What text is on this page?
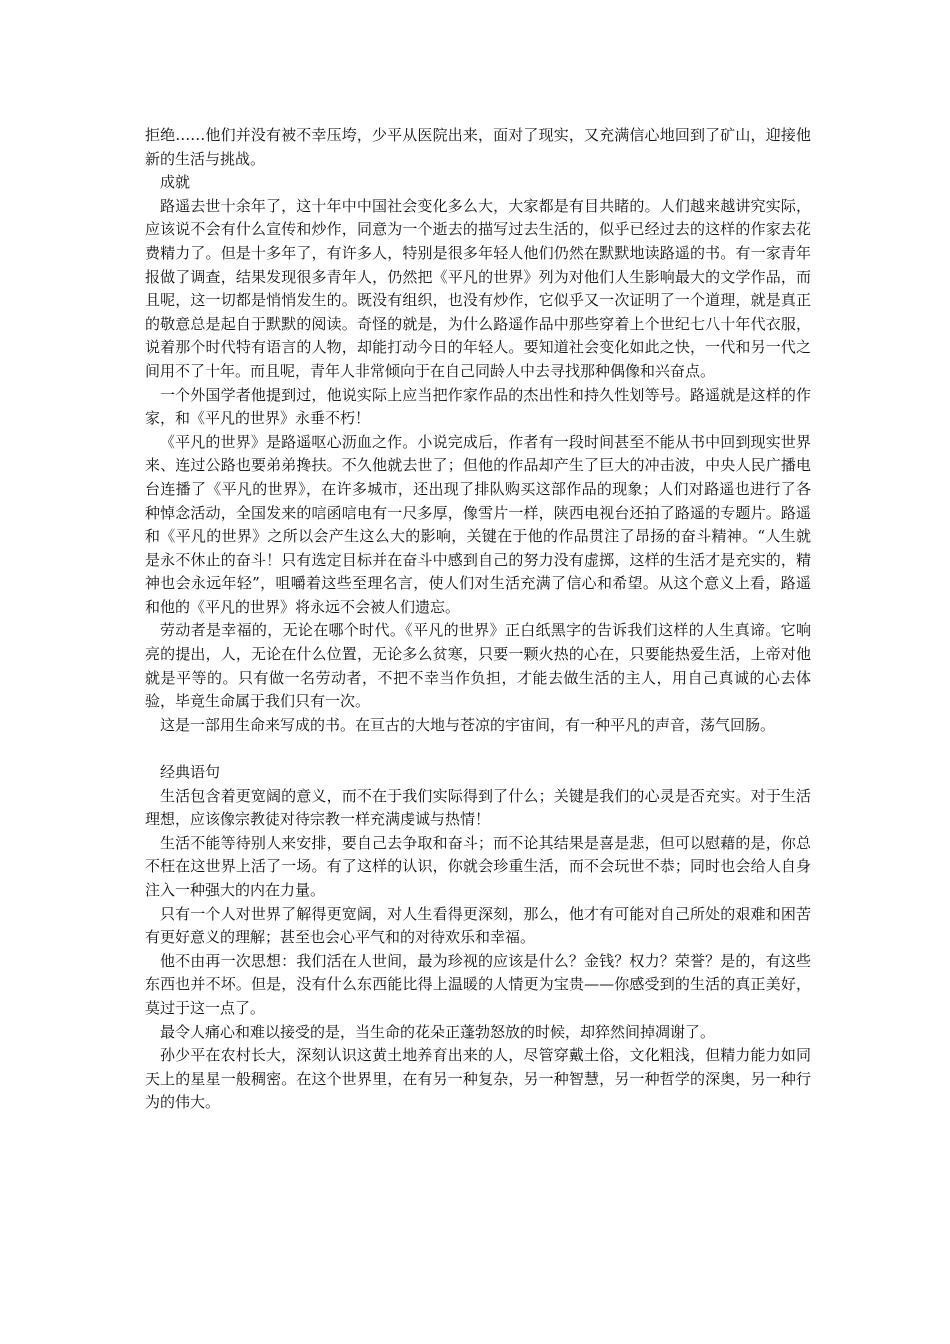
拒绝……他们并没有被不幸压垮，少平从医院出来，面对了现实，又充满信心地回到了矿山，迎接他新的生活与挑战。

成就

路遥去世十余年了，这十年中中国社会变化多么大，大家都是有目共睹的。人们越来越讲究实际，应该说不会有什么宣传和炒作，同意为一个逝去的描写过去生活的，似乎已经过去的这样的作家去花费精力了。但是十多年了，有许多人，特别是很多年轻人他们仍然在默默地读路遥的书。有一家青年报做了调查，结果发现很多青年人，仍然把《平凡的世界》列为对他们人生影响最大的文学作品，而且呢，这一切都是悄悄发生的。既没有组织，也没有炒作，它似乎又一次证明了一个道理，就是真正的敬意总是起自于默默的阅读。奇怪的就是，为什么路遥作品中那些穿着上个世纪七八十年代衣服，说着那个时代特有语言的人物，却能打动今日的年轻人。要知道社会变化如此之快，一代和另一代之间用不了十年。而且呢，青年人非常倾向于在自己同龄人中去寻找那种偶像和兴奋点。

一个外国学者他提到过，他说实际上应当把作家作品的杰出性和持久性划等号。路遥就是这样的作家，和《平凡的世界》永垂不朽！

《平凡的世界》是路遥呕心沥血之作。小说完成后，作者有一段时间甚至不能从书中回到现实世界来、连过公路也要弟弟搀扶。不久他就去世了；但他的作品却产生了巨大的冲击波，中央人民广播电台连播了《平凡的世界》，在许多城市，还出现了排队购买这部作品的现象；人们对路遥也进行了各种悼念活动，全国发来的唁函唁电有一尺多厚，像雪片一样，陕西电视台还拍了路遥的专题片。路遥和《平凡的世界》之所以会产生这么大的影响，关键在于他的作品贯注了昂扬的奋斗精神。“人生就是永不休止的奋斗！只有选定目标并在奋斗中感到自己的努力没有虚掷，这样的生活才是充实的，精神也会永远年轻”，咀嚼着这些至理名言，使人们对生活充满了信心和希望。从这个意义上看，路遥和他的《平凡的世界》将永远不会被人们遗忘。

劳动者是幸福的，无论在哪个时代。《平凡的世界》正白纸黑字的告诉我们这样的人生真谛。它响亮的提出，人，无论在什么位置，无论多么贫寒，只要一颗火热的心在，只要能热爱生活，上帝对他就是平等的。只有做一名劳动者，不把不幸当作负担，才能去做生活的主人，用自己真诚的心去体验，毕竟生命属于我们只有一次。

这是一部用生命来写成的书。在亘古的大地与苍凉的宇宙间，有一种平凡的声音，荡气回肠。

经典语句

生活包含着更宽阔的意义，而不在于我们实际得到了什么；关键是我们的心灵是否充实。对于生活理想，应该像宗教徒对待宗教一样充满虔诚与热情！

生活不能等待别人来安排，要自己去争取和奋斗；而不论其结果是喜是悲，但可以慰藉的是，你总不枉在这世界上活了一场。有了这样的认识，你就会珍重生活，而不会玩世不恭；同时也会给人自身注入一种强大的内在力量。

只有一个人对世界了解得更宽阔，对人生看得更深刻，那么，他才有可能对自己所处的艰难和困苦有更好意义的理解；甚至也会心平气和的对待欢乐和幸福。

他不由再一次思想：我们活在人世间，最为珍视的应该是什么？金钱？权力？荣誉？是的，有这些东西也并不坏。但是，没有什么东西能比得上温暖的人情更为宝贵——你感受到的生活的真正美好，莫过于这一点了。

最令人痛心和难以接受的是，当生命的花朵正蓬勃怒放的时候，却猝然间掉凋谢了。

孙少平在农村长大，深刻认识这黄土地养育出来的人，尽管穿戴土俗，文化粗浅，但精力能力如同天上的星星一般稠密。在这个世界里，在有另一种复杂，另一种智慧，另一种哲学的深奥，另一种行为的伟大。
